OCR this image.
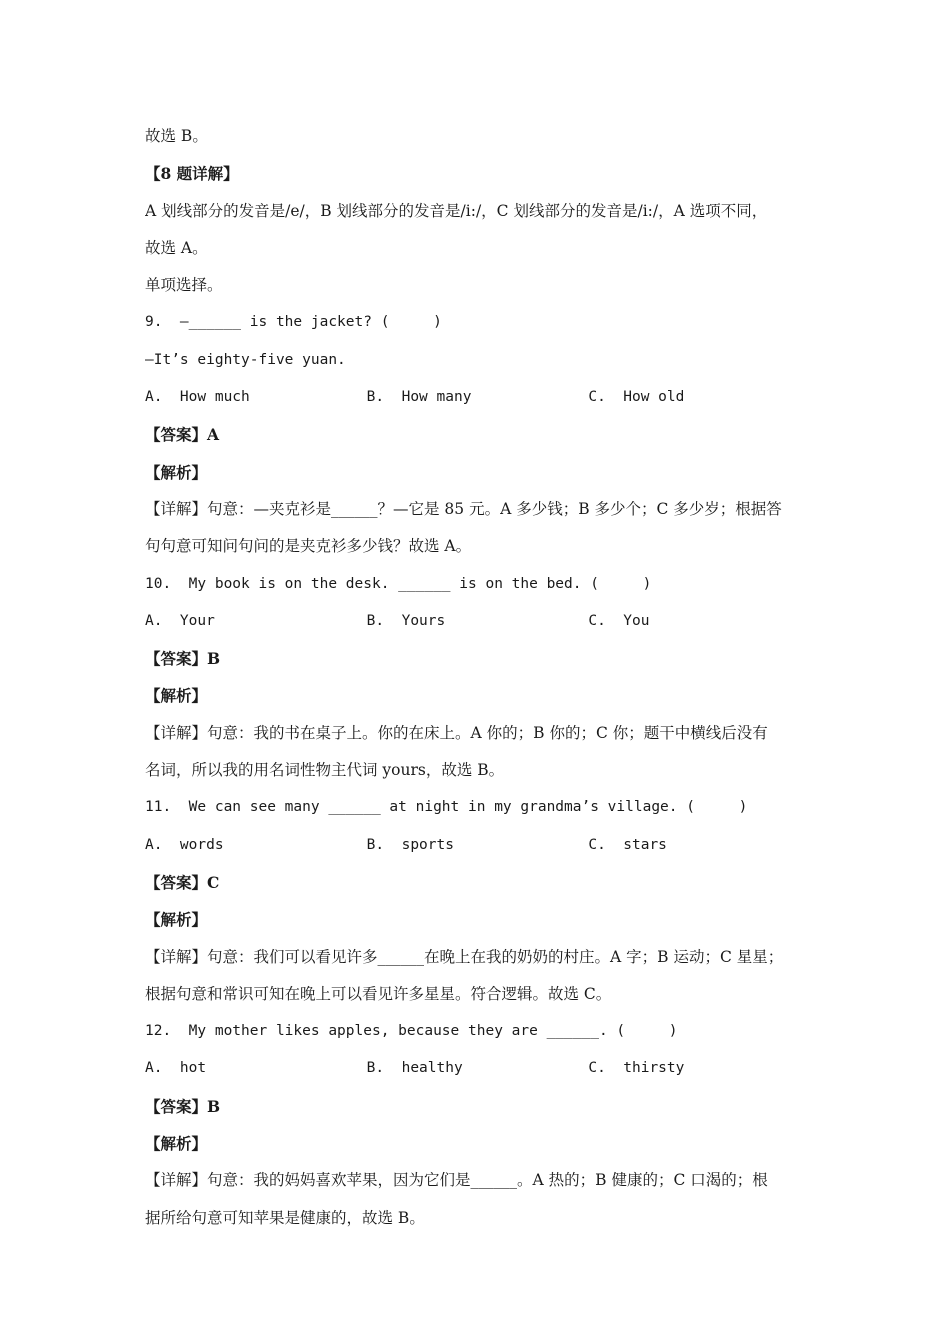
故选 B。
【8 题详解】
A 划线部分的发音是/e/，B 划线部分的发音是/i:/，C 划线部分的发音是/i:/，A 选项不同，
故选 A。
单项选择。
9.  —______ is the jacket? (     )
—It’s eighty-five yuan.
A.  How much	B.  How many	C.  How old
【答案】A
【解析】
【详解】句意：—夹克衫是______？—它是 85 元。A 多少钱；B 多少个；C 多少岁；根据答
句句意可知问句问的是夹克衫多少钱？故选 A。
10.  My book is on the desk. ______ is on the bed. (     )
A.  Your	B.  Yours	C.  You
【答案】B
【解析】
【详解】句意：我的书在桌子上。你的在床上。A 你的；B 你的；C 你；题干中横线后没有
名词，所以我的用名词性物主代词 yours，故选 B。
11.  We can see many ______ at night in my grandma’s village. (     )
A.  words	B.  sports	C.  stars
【答案】C
【解析】
【详解】句意：我们可以看见许多______在晚上在我的奶奶的村庄。A 字；B 运动；C 星星；
根据句意和常识可知在晚上可以看见许多星星。符合逻辑。故选 C。
12.  My mother likes apples, because they are ______. (     )
A.  hot	B.  healthy	C.  thirsty
【答案】B
【解析】
【详解】句意：我的妈妈喜欢苹果，因为它们是______。A 热的；B 健康的；C 口渴的；根
据所给句意可知苹果是健康的，故选 B。
